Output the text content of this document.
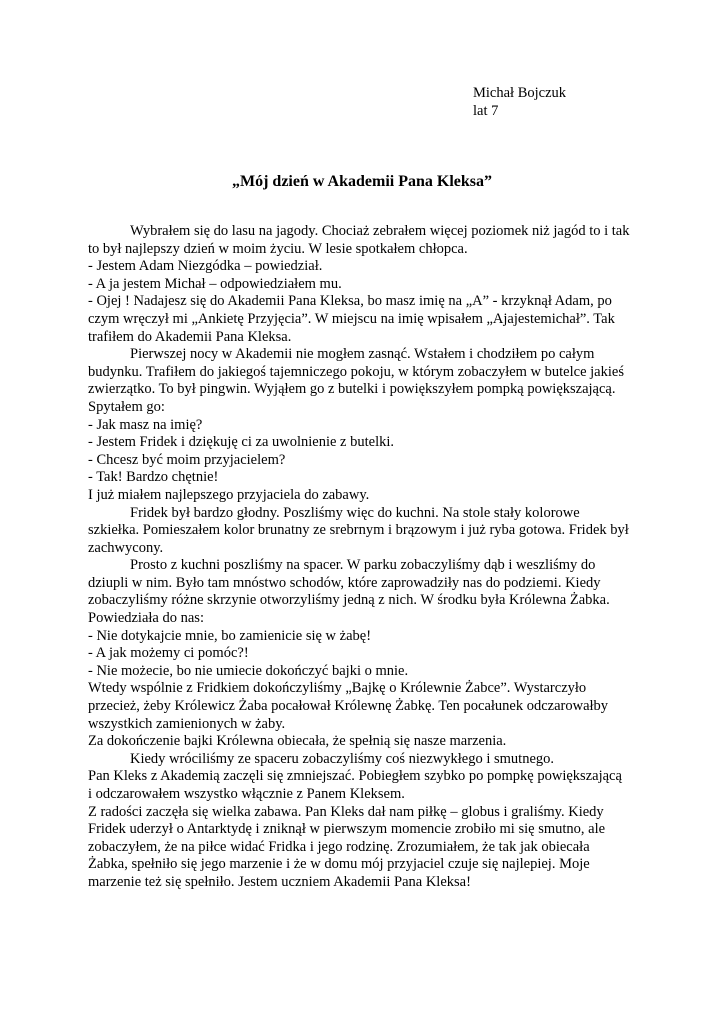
Michał Bojczuk
lat 7
„Mój dzień w Akademii Pana Kleksa”
Wybrałem się do lasu na jagody. Chociaż zebrałem więcej poziomek niż jagód to i tak
to był najlepszy dzień w moim życiu. W lesie spotkałem chłopca.
- Jestem Adam Niezgódka – powiedział.
- A ja jestem Michał – odpowiedziałem mu.
- Ojej ! Nadajesz się do Akademii Pana Kleksa, bo masz imię na „A” - krzyknął Adam, po
czym wręczył mi „Ankietę Przyjęcia”. W miejscu na imię wpisałem „Ajajestemichał”. Tak
trafiłem do Akademii Pana Kleksa.
Pierwszej nocy w Akademii nie mogłem zasnąć. Wstałem i chodziłem po całym
budynku. Trafiłem do jakiegoś tajemniczego pokoju, w którym zobaczyłem w butelce jakieś
zwierzątko. To był pingwin. Wyjąłem go z butelki i powiększyłem pompką powiększającą.
Spytałem go:
- Jak masz na imię?
- Jestem Fridek i dziękuję ci za uwolnienie z butelki.
- Chcesz być moim przyjacielem?
- Tak! Bardzo chętnie!
I już miałem najlepszego przyjaciela do zabawy.
Fridek był bardzo głodny. Poszliśmy więc do kuchni. Na stole stały kolorowe
szkiełka. Pomieszałem kolor brunatny ze srebrnym i brązowym i już ryba gotowa. Fridek był
zachwycony.
Prosto z kuchni poszliśmy na spacer. W parku zobaczyliśmy dąb i weszliśmy do
dziupli w nim. Było tam mnóstwo schodów, które zaprowadziły nas do podziemi. Kiedy
zobaczyliśmy różne skrzynie otworzyliśmy jedną z nich. W środku była Królewna Żabka.
Powiedziała do nas:
- Nie dotykajcie mnie, bo zamienicie się w żabę!
- A jak możemy ci pomóc?!
- Nie możecie, bo nie umiecie dokończyć bajki o mnie.
Wtedy wspólnie z Fridkiem dokończyliśmy „Bajkę o Królewnie Żabce”. Wystarczyło
przecież, żeby Królewicz Żaba pocałował Królewnę Żabkę. Ten pocałunek odczarowałby
wszystkich zamienionych w żaby.
Za dokończenie bajki Królewna obiecała, że spełnią się nasze marzenia.
Kiedy wróciliśmy ze spaceru zobaczyliśmy coś niezwykłego i smutnego.
Pan Kleks z Akademią zaczęli się zmniejszać. Pobiegłem szybko po pompkę powiększającą
i odczarowałem wszystko włącznie z Panem Kleksem.
Z radości zaczęła się wielka zabawa. Pan Kleks dał nam piłkę – globus i graliśmy. Kiedy
Fridek uderzył o Antarktydę i zniknął w pierwszym momencie zrobiło mi się smutno, ale
zobaczyłem, że na piłce widać Fridka i jego rodzinę. Zrozumiałem, że tak jak obiecała
Żabka, spełniło się jego marzenie i że w domu mój przyjaciel czuje się najlepiej. Moje
marzenie też się spełniło. Jestem uczniem Akademii Pana Kleksa!
